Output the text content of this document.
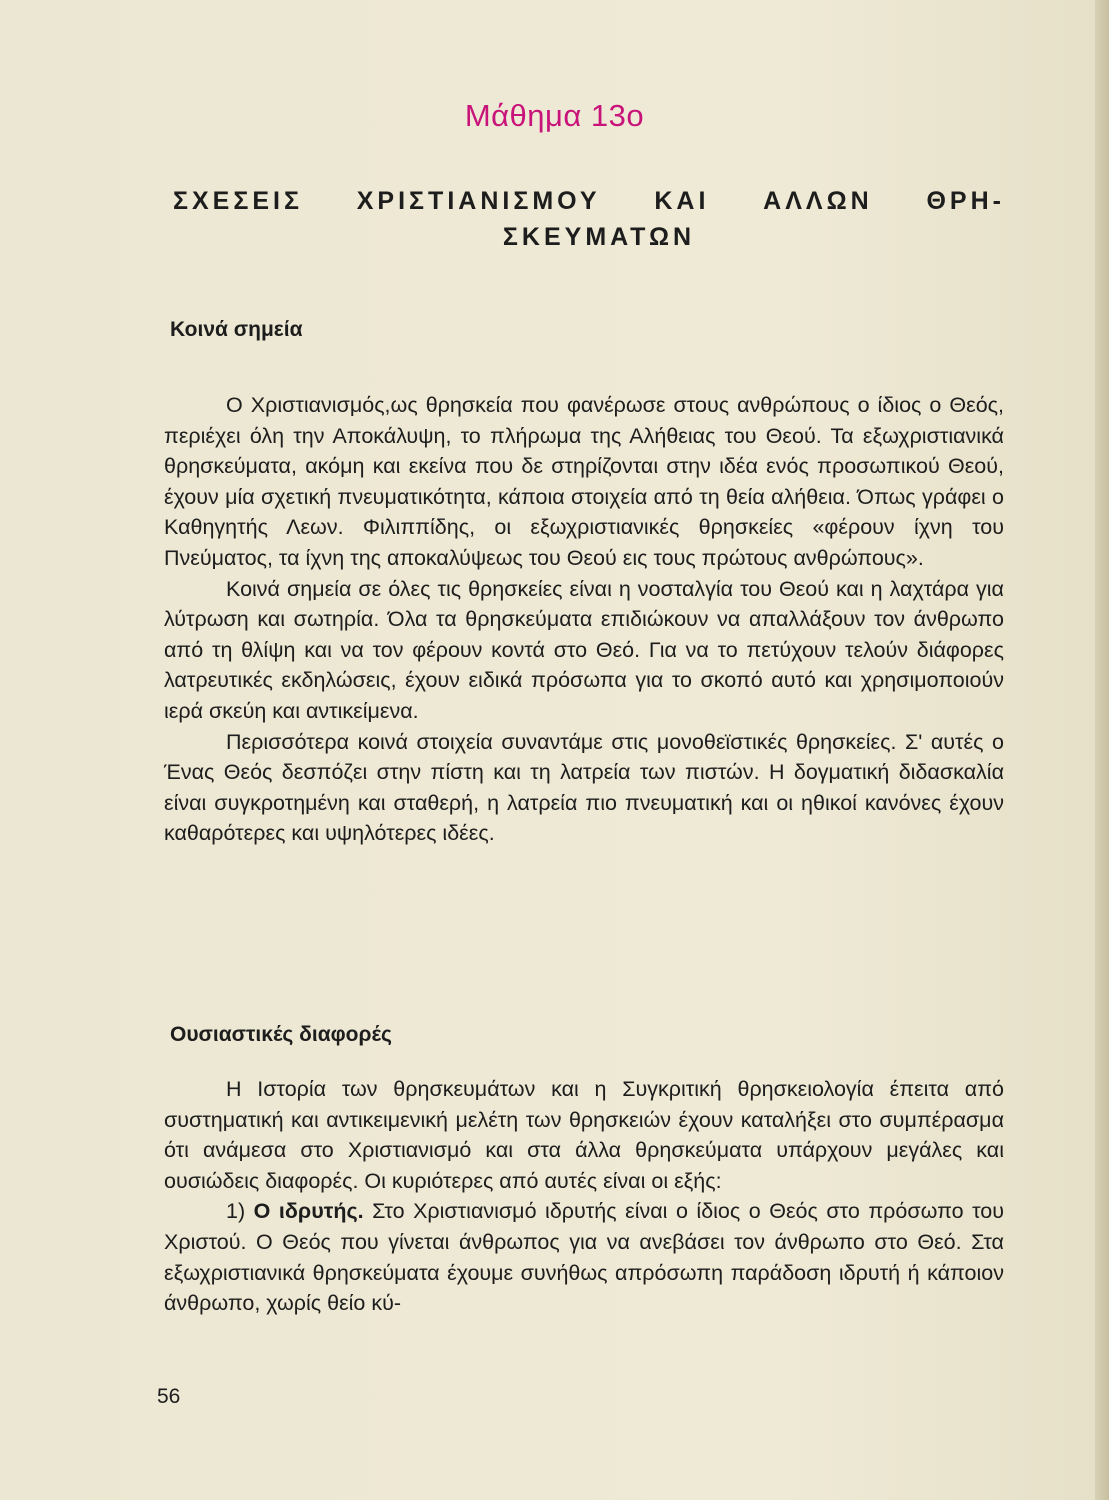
Μάθημα 13ο
ΣΧΕΣΕΙΣ ΧΡΙΣΤΙΑΝΙΣΜΟΥ ΚΑΙ ΑΛΛΩΝ ΘΡΗ-
ΣΚΕΥΜΑΤΩΝ
Κοινά σημεία

Ο Χριστιανισμός,ως θρησκεία που φανέρωσε στους ανθρώπους ο ίδιος ο Θεός, περιέχει όλη την Αποκάλυψη, το πλήρωμα της Αλήθειας του Θεού. Τα εξωχριστιανικά θρησκεύματα, ακόμη και εκείνα που δε στηρίζονται στην ιδέα ενός προσωπικού Θεού, έχουν μία σχετική πνευματικότητα, κάποια στοιχεία από τη θεία αλήθεια. Όπως γράφει ο Καθηγητής Λεων. Φιλιππίδης, οι εξωχριστιανικές θρησκείες «φέρουν ίχνη του Πνεύματος, τα ίχνη της αποκαλύψεως του Θεού εις τους πρώτους ανθρώπους».

Κοινά σημεία σε όλες τις θρησκείες είναι η νοσταλγία του Θεού και η λαχτάρα για λύτρωση και σωτηρία. Όλα τα θρησκεύματα επιδιώκουν να απαλλάξουν τον άνθρωπο από τη θλίψη και να τον φέρουν κοντά στο Θεό. Για να το πετύχουν τελούν διάφορες λατρευτικές εκδηλώσεις, έχουν ειδικά πρόσωπα για το σκοπό αυτό και χρησιμοποιούν ιερά σκεύη και αντικείμενα.

Περισσότερα κοινά στοιχεία συναντάμε στις μονοθεϊστικές θρησκείες. Σ' αυτές ο Ένας Θεός δεσπόζει στην πίστη και τη λατρεία των πιστών. Η δογματική διδασκαλία είναι συγκροτημένη και σταθερή, η λατρεία πιο πνευματική και οι ηθικοί κανόνες έχουν καθαρότερες και υψηλότερες ιδέες.

Ουσιαστικές διαφορές

Η Ιστορία των θρησκευμάτων και η Συγκριτική θρησκειολογία έπειτα από συστηματική και αντικειμενική μελέτη των θρησκειών έχουν καταλήξει στο συμπέρασμα ότι ανάμεσα στο Χριστιανισμό και στα άλλα θρησκεύματα υπάρχουν μεγάλες και ουσιώδεις διαφορές. Οι κυριότερες από αυτές είναι οι εξής:

1) Ο ιδρυτής. Στο Χριστιανισμό ιδρυτής είναι ο ίδιος ο Θεός στο πρόσωπο του Χριστού. Ο Θεός που γίνεται άνθρωπος για να ανεβάσει τον άνθρωπο στο Θεό. Στα εξωχριστιανικά θρησκεύματα έχουμε συνήθως απρόσωπη παράδοση ιδρυτή ή κάποιον άνθρωπο, χωρίς θείο κύ-

56
